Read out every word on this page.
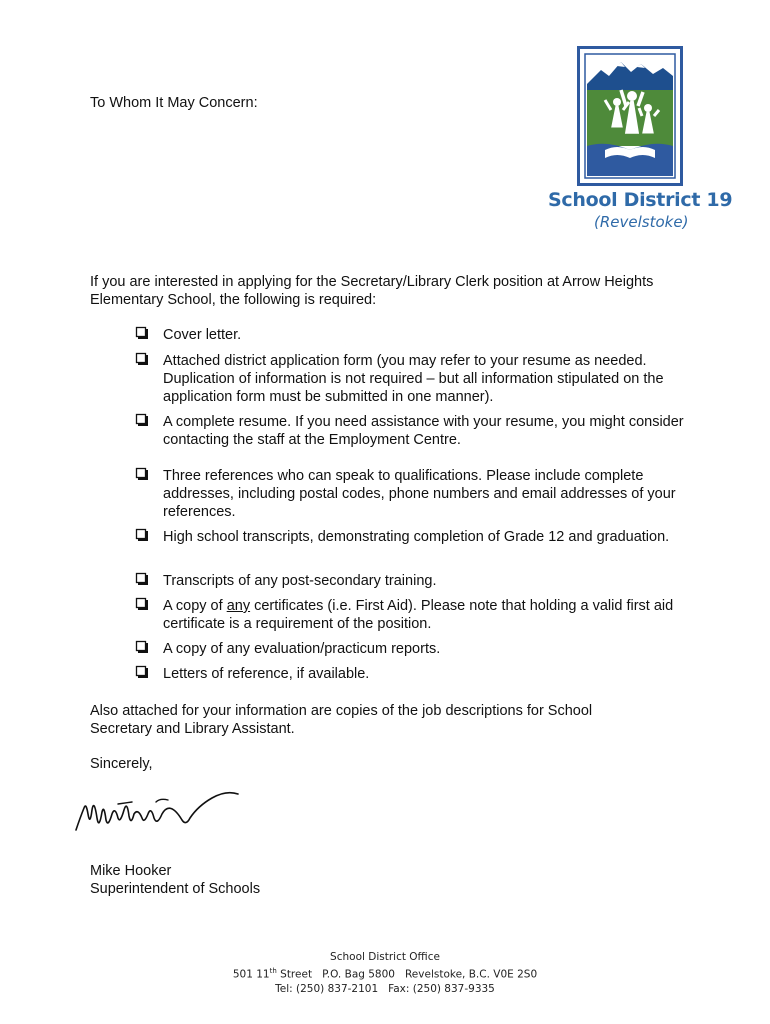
To Whom It May Concern:
School District 19
(Revelstoke)
If you are interested in applying for the Secretary/Library Clerk position at Arrow Heights Elementary School, the following is required:
Cover letter.
Attached district application form (you may refer to your resume as needed. Duplication of information is not required – but all information stipulated on the application form must be submitted in one manner).
A complete resume. If you need assistance with your resume, you might consider contacting the staff at the Employment Centre.
Three references who can speak to qualifications. Please include complete addresses, including postal codes, phone numbers and email addresses of your references.
High school transcripts, demonstrating completion of Grade 12 and graduation.
Transcripts of any post-secondary training.
A copy of any certificates (i.e. First Aid). Please note that holding a valid first aid certificate is a requirement of the position.
A copy of any evaluation/practicum reports.
Letters of reference, if available.
Also attached for your information are copies of the job descriptions for School Secretary and Library Assistant.
Sincerely,
Mike Hooker
Superintendent of Schools
School District Office
501 11th Street P.O. Bag 5800 Revelstoke, B.C. V0E 2S0
Tel: (250) 837-2101 Fax: (250) 837-9335
